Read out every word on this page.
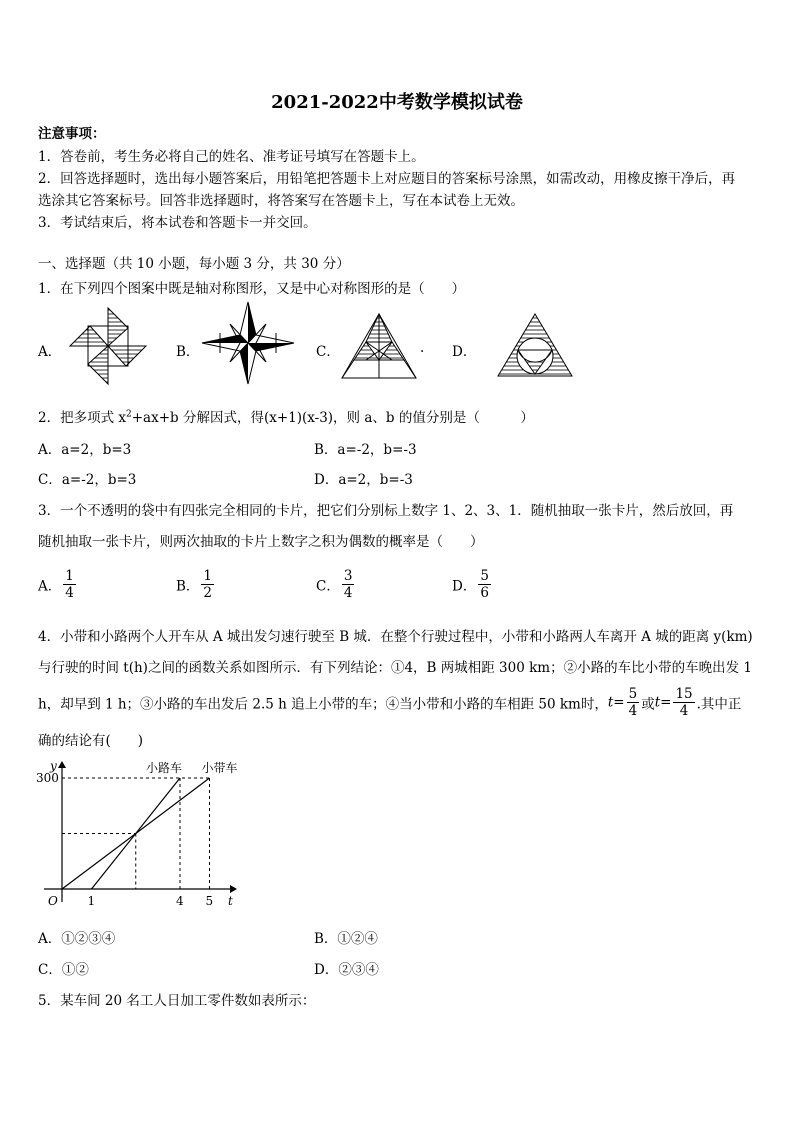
2021-2022中考数学模拟试卷
注意事项：
1．答卷前，考生务必将自己的姓名、准考证号填写在答题卡上。
2．回答选择题时，选出每小题答案后，用铅笔把答题卡上对应题目的答案标号涂黑，如需改动，用橡皮擦干净后，再
选涂其它答案标号。回答非选择题时，将答案写在答题卡上，写在本试卷上无效。
3．考试结束后，将本试卷和答题卡一并交回。
一、选择题（共 10 小题，每小题 3 分，共 30 分）
1．在下列四个图案中既是轴对称图形，又是中心对称图形的是（　　）
A．	B．	C．	. D．
2．把多项式 $x^2+ax+b$ 分解因式，得(x+1)(x-3)，则 a、b 的值分别是（　　　）
A．a=2，b=3	B．a=-2，b=-3
C．a=-2，b=3	D．a=2，b=-3
3．一个不透明的袋中有四张完全相同的卡片，把它们分别标上数字 1、2、3、1．随机抽取一张卡片，然后放回，再
随机抽取一张卡片，则两次抽取的卡片上数字之积为偶数的概率是（　　）
A． $\frac{1}{4}$	B． $\frac{1}{2}$	C． $\frac{3}{4}$	D． $\frac{5}{6}$
4．小带和小路两个人开车从 A 城出发匀速行驶至 B 城．在整个行驶过程中，小带和小路两人车离开 A 城的距离 y(km)
与行驶的时间 t(h)之间的函数关系如图所示．有下列结论：①4，B 两城相距 300 km；②小路的车比小带的车晚出发 1
h，却早到 1 h；③小路的车出发后 2.5 h 追上小带的车；④当小带和小路的车相距 50 km时，$t= \frac{5}{4}$ 或$t= \frac{15}{4}$ .其中正
确的结论有(　　)
y
t
O
300
小带车
小路车
1	4 5
A．①②③④	B．①②④
C．①②	D．②③④
5．某车间 20 名工人日加工零件数如表所示：
